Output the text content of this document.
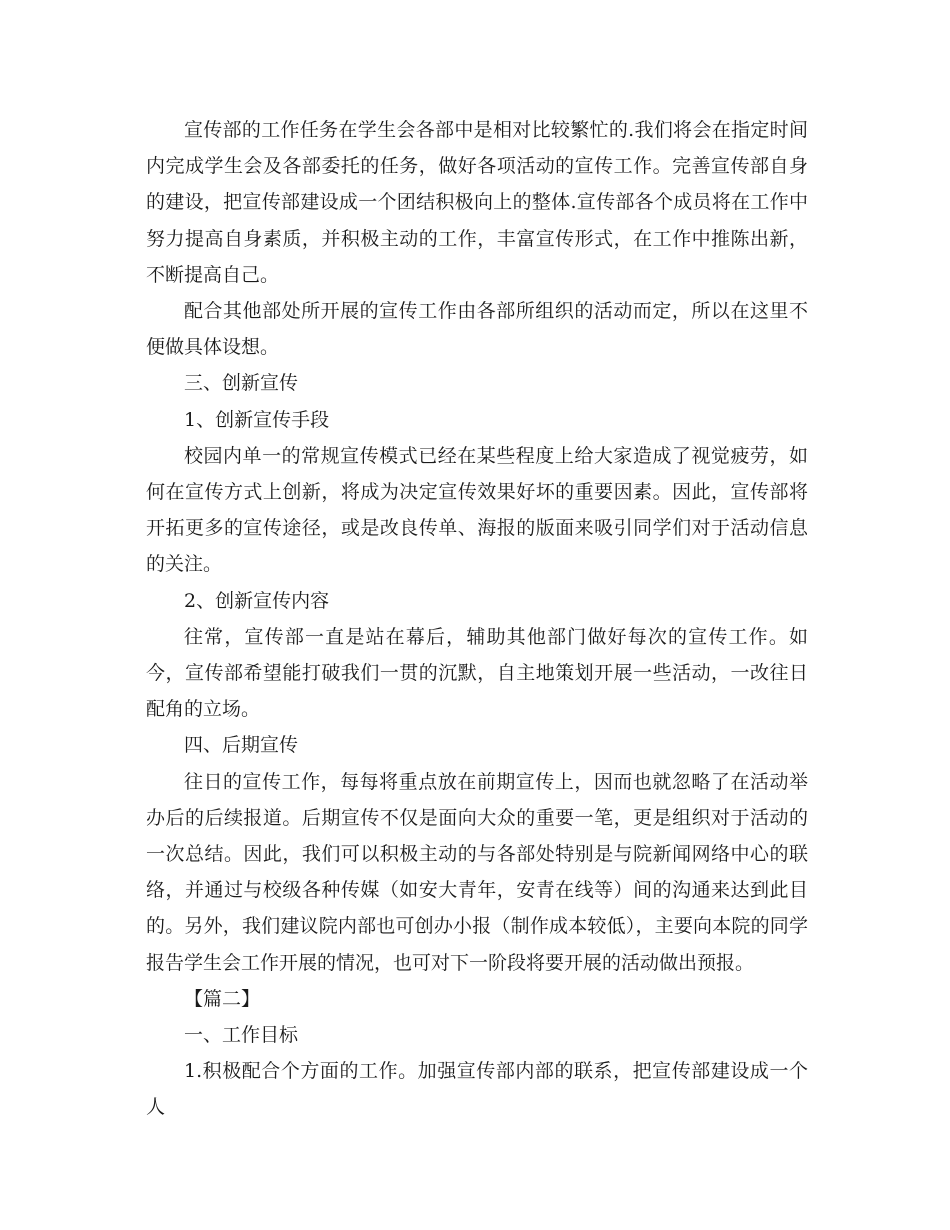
宣传部的工作任务在学生会各部中是相对比较繁忙的.我们将会在指定时间内完成学生会及各部委托的任务，做好各项活动的宣传工作。完善宣传部自身的建设，把宣传部建设成一个团结积极向上的整体.宣传部各个成员将在工作中努力提高自身素质，并积极主动的工作，丰富宣传形式，在工作中推陈出新，不断提高自己。

配合其他部处所开展的宣传工作由各部所组织的活动而定，所以在这里不便做具体设想。

三、创新宣传

1、创新宣传手段

校园内单一的常规宣传模式已经在某些程度上给大家造成了视觉疲劳，如何在宣传方式上创新，将成为决定宣传效果好坏的重要因素。因此，宣传部将开拓更多的宣传途径，或是改良传单、海报的版面来吸引同学们对于活动信息的关注。

2、创新宣传内容

往常，宣传部一直是站在幕后，辅助其他部门做好每次的宣传工作。如今，宣传部希望能打破我们一贯的沉默，自主地策划开展一些活动，一改往日配角的立场。

四、后期宣传

往日的宣传工作，每每将重点放在前期宣传上，因而也就忽略了在活动举办后的后续报道。后期宣传不仅是面向大众的重要一笔，更是组织对于活动的一次总结。因此，我们可以积极主动的与各部处特别是与院新闻网络中心的联络，并通过与校级各种传媒（如安大青年，安青在线等）间的沟通来达到此目的。另外，我们建议院内部也可创办小报（制作成本较低），主要向本院的同学报告学生会工作开展的情况，也可对下一阶段将要开展的活动做出预报。

【篇二】

一、工作目标

1.积极配合个方面的工作。加强宣传部内部的联系，把宣传部建设成一个人
